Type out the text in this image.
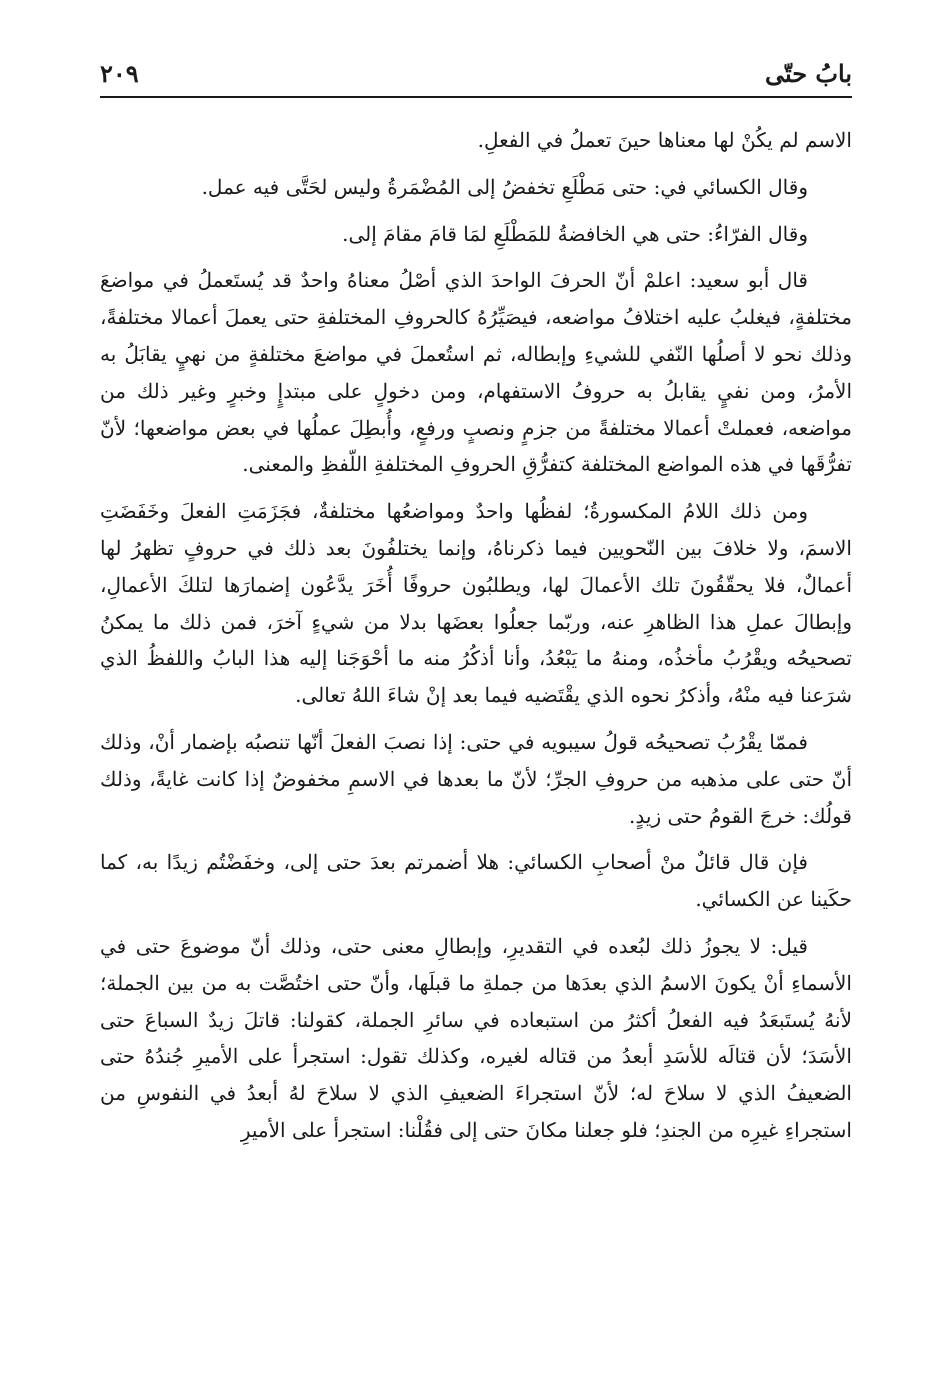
بابُ حتّى
٢٠٩

الاسم لم يكُنْ لها معناها حينَ تعملُ في الفعلِ.

وقال الكسائي في: حتى مَطْلَعِ تخفضُ إلى المُضْمَرةُ وليس لحَتَّى فيه عمل.

وقال الفرّاءُ: حتى هي الخافضةُ للمَطْلَعِ لمَا قامَ مقامَ إلى.

قال أبو سعيد: اعلمْ أنّ الحرفَ الواحدَ الذي أصْلُ معناهُ واحدٌ قد يُستَعملُ في مواضعَ مختلفةٍ، فيغلبُ عليه اختلافُ مواضعه، فيصَيِّرُهُ كالحروفِ المختلفةِ حتى يعملَ أعمالا مختلفةً، وذلك نحو لا أصلُها النّفي للشيءِ وإبطاله، ثم استُعملَ في مواضعَ مختلفةٍ من نهيٍ يقابَلُ به الأمرُ، ومن نفيٍ يقابلُ به حروفُ الاستفهام، ومن دخولٍ على مبتدإٍ وخبرٍ وغير ذلك من مواضعه، فعملتْ أعمالا مختلفةً من جزمٍ ونصبٍ ورفعٍ، وأُبطِلَ عملُها في بعض مواضعها؛ لأنّ تفرُّقَها في هذه المواضع المختلفة كتفرُّقِ الحروفِ المختلفةِ اللّفظِ والمعنى.

ومن ذلك اللامُ المكسورةُ؛ لفظُها واحدٌ ومواضعُها مختلفةٌ، فجَزَمَتِ الفعلَ وخَفَضَتِ الاسمَ، ولا خلافَ بين النّحويين فيما ذكرناهُ، وإنما يختلفُونَ بعد ذلك في حروفٍ تظهرُ لها أعمالٌ، فلا يحقّقُونَ تلك الأعمالَ لها، ويطلبُون حروفًا أُخَرَ يدَّعُون إضمارَها لتلكَ الأعمالِ، وإبطالَ عملِ هذا الظاهرِ عنه، وربّما جعلُوا بعضَها بدلا من شيءٍ آخرَ، فمن ذلك ما يمكنُ تصحيحُه ويقْرُبُ مأخذُه، ومنهُ ما يَبْعُدُ، وأنا أذكُرُ منه ما أحْوَجَنا إليه هذا البابُ واللفظُ الذي شرَعنا فيه منْهُ، وأذكرُ نحوه الذي يقْتَضيه فيما بعد إنْ شاءَ اللهُ تعالى.

فممّا يقْرُبُ تصحيحُه قولُ سيبويه في حتى: إذا نصبَ الفعلَ أنّها تنصبُه بإضمار أنْ، وذلك أنّ حتى على مذهبه من حروفِ الجرِّ؛ لأنّ ما بعدها في الاسمِ مخفوضٌ إذا كانت غايةً، وذلك قولُك: خرجَ القومُ حتى زيدٍ.

فإن قال قائلٌ منْ أصحابِ الكسائي: هلا أضمرتم بعدَ حتى إلى، وخفَضْتُم زيدًا به، كما حكَينا عن الكسائي.

قيل: لا يجوزُ ذلك لبُعده في التقديرِ، وإبطالِ معنى حتى، وذلك أنّ موضوعَ حتى في الأسماءِ أنْ يكونَ الاسمُ الذي بعدَها من جملةِ ما قبلَها، وأنّ حتى اختُصَّت به من بين الجملة؛ لأنهُ يُستَبعَدُ فيه الفعلُ أكثرُ من استبعاده في سائرِ الجملة، كقولنا: قاتلَ زيدٌ السباعَ حتى الأسَدَ؛ لأن قتالَه للأسَدِ أبعدُ من قتاله لغيره، وكذلك تقول: استجرأ على الأميرِ جُندُهُ حتى الضعيفُ الذي لا سلاحَ له؛ لأنّ استجراءَ الضعيفِ الذي لا سلاحَ لهُ أبعدُ في النفوسِ من استجراءِ غيرِه من الجندِ؛ فلو جعلنا مكانَ حتى إلى فقُلْنا: استجرأ على الأميرِ
